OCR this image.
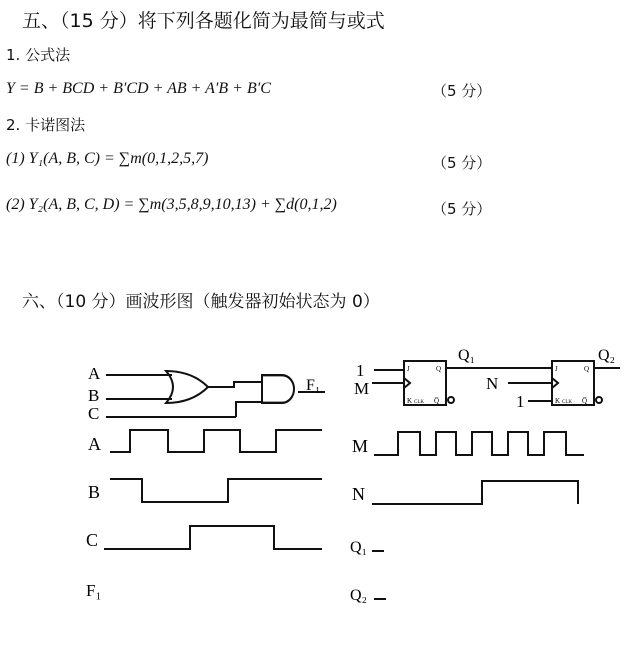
五、（15 分）将下列各题化简为最简与或式
1. 公式法
Y = B + BCD + B′CD + AB + A′B + B′C	（5 分）
2. 卡诺图法
(1) Y₁(A, B, C) = ∑m(0,1,2,5,7)	（5 分）
(2) Y₂(A, B, C, D) = ∑m(3,5,8,9,10,13) + ∑d(0,1,2)	（5 分）
六、（10 分）画波形图（触发器初始状态为 0）
A
B
C
F₁
A
B
C
F₁
1
M
Q₁
J
K CLK
Q
Q̅
N
1
Q₂
J
K CLK
Q
Q̅
M
N
Q₁
Q₂
